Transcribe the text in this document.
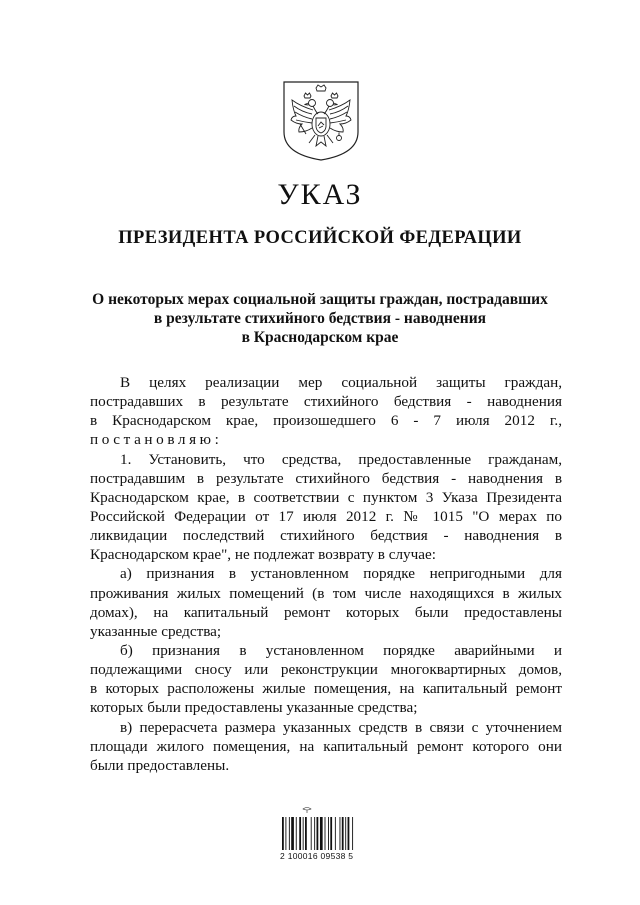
УКАЗ
ПРЕЗИДЕНТА РОССИЙСКОЙ ФЕДЕРАЦИИ
О некоторых мерах социальной защиты граждан, пострадавших
в результате стихийного бедствия - наводнения
в Краснодарском крае
В целях реализации мер социальной защиты граждан,
пострадавших в результате стихийного бедствия - наводнения
в Краснодарском крае, произошедшего 6 - 7 июля 2012 г.,
постановляю:
1. Установить, что средства, предоставленные гражданам,
пострадавшим в результате стихийного бедствия - наводнения в
Краснодарском крае, в соответствии с пунктом 3 Указа Президента
Российской Федерации от 17 июля 2012 г. № 1015 "О мерах по
ликвидации последствий стихийного бедствия - наводнения в
Краснодарском крае", не подлежат возврату в случае:
а) признания в установленном порядке непригодными для
проживания жилых помещений (в том числе находящихся в жилых
домах), на капитальный ремонт которых были предоставлены
указанные средства;
б) признания в установленном порядке аварийными и
подлежащими сносу или реконструкции многоквартирных домов,
в которых расположены жилые помещения, на капитальный ремонт
которых были предоставлены указанные средства;
в) перерасчета размера указанных средств в связи с уточнением
площади жилого помещения, на капитальный ремонт которого они
были предоставлены.
2 100016 09538 5
